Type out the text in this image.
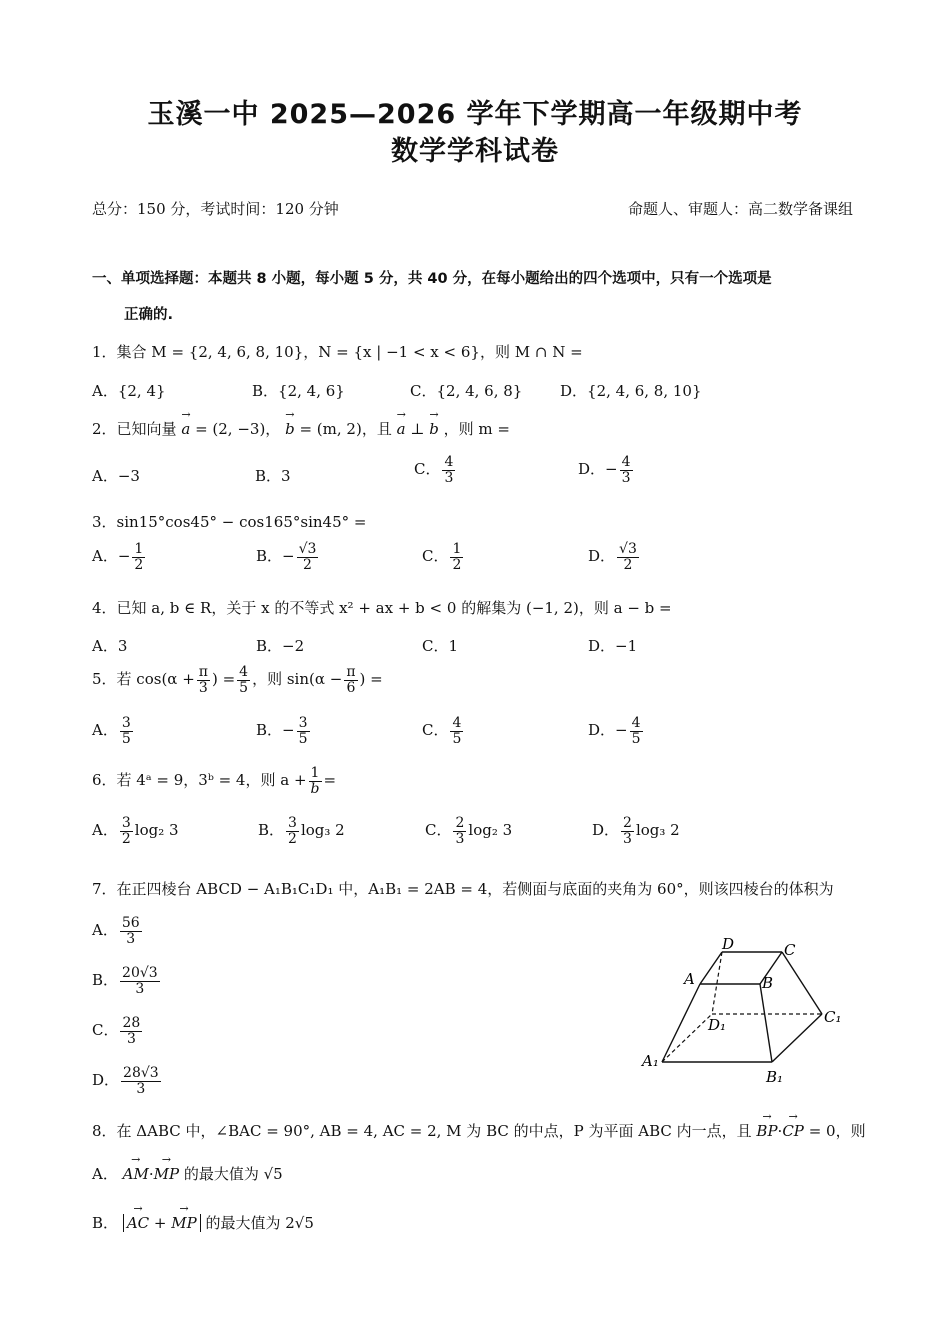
玉溪一中 2025—2026 学年下学期高一年级期中考
数学学科试卷
总分：150 分，考试时间：120 分钟	命题人、审题人：高二数学备课组
一、单项选择题：本题共 8 小题，每小题 5 分，共 40 分，在每小题给出的四个选项中，只有一个选项是
正确的.
1．集合 M = {2, 4, 6, 8, 10}，N = {x | −1 < x < 6}，则 M ∩ N =
A．{2, 4}	B．{2, 4, 6}	C．{2, 4, 6, 8}	D．{2, 4, 6, 8, 10}
2．已知向量 → a = (2, −3)， → b = (m, 2)，且 → a ⊥ → b ，则 m =
A．−3	B．3	C． $\frac{4}{3}$	D．− $\frac{4}{3}$
3．sin15°cos45° − cos165°sin45° =
A．− $\frac{1}{2}$	B．− $\frac{√3}{2}$	C． $\frac{1}{2}$	D． $\frac{√3}{2}$
4．已知 a, b ∈ R，关于 x 的不等式 x² + ax + b < 0 的解集为 (−1, 2)，则 a − b =
A．3	B．−2	C．1	D．−1
5．若 $\cos(\alpha + \frac{\pi}{3}$ ) = $\frac{4}{5}$ ，则 $\sin(\alpha - \frac{\pi}{6}$ ) =
A． $\frac{3}{5}$	B．− $\frac{3}{5}$	C． $\frac{4}{5}$	D．− $\frac{4}{5}$
6．若 4ᵃ = 9，3ᵇ = 4，则 $a + \frac{1}{b}$ =
A． $\frac{3}{2} \log_2$ 3	B． $\frac{3}{2} \log_3$ 2	C． $\frac{2}{3} \log_2$ 3	D． $\frac{2}{3} \log_3$ 2
7．在正四棱台 ABCD − A₁B₁C₁D₁ 中，A₁B₁ = 2AB = 4，若侧面与底面的夹角为 60°，则该四棱台的体积为
A． $\frac{56}{3}$
B． $\frac{20√3}{3}$
C． $\frac{28}{3}$
D． $\frac{28√3}{3}$
D	C
A	B
D₁	C₁
A₁
B₁
8．在 ΔABC 中，∠BAC = 90°, AB = 4, AC = 2, M 为 BC 的中点，P 为平面 ABC 内一点，且 → BP·→ CP = 0，则
A． → AM·→ MP 的最大值为 √5
B． → AC + → MP 的最大值为 2√5
